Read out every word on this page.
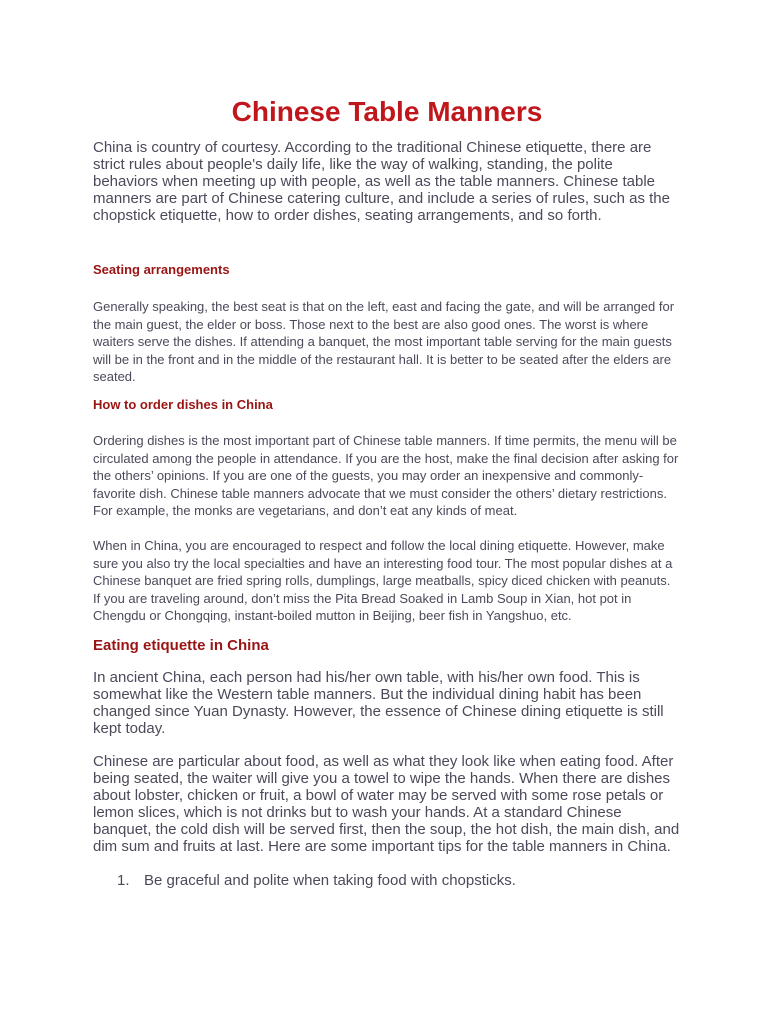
Chinese Table Manners

China is country of courtesy. According to the traditional Chinese etiquette, there are strict rules about people's daily life, like the way of walking, standing, the polite behaviors when meeting up with people, as well as the table manners. Chinese table manners are part of Chinese catering culture, and include a series of rules, such as the chopstick etiquette, how to order dishes, seating arrangements, and so forth.

Seating arrangements

Generally speaking, the best seat is that on the left, east and facing the gate, and will be arranged for the main guest, the elder or boss. Those next to the best are also good ones. The worst is where waiters serve the dishes. If attending a banquet, the most important table serving for the main guests will be in the front and in the middle of the restaurant hall. It is better to be seated after the elders are seated.

How to order dishes in China

Ordering dishes is the most important part of Chinese table manners. If time permits, the menu will be circulated among the people in attendance. If you are the host, make the final decision after asking for the others’ opinions. If you are one of the guests, you may order an inexpensive and commonly-favorite dish. Chinese table manners advocate that we must consider the others’ dietary restrictions. For example, the monks are vegetarians, and don’t eat any kinds of meat.

When in China, you are encouraged to respect and follow the local dining etiquette. However, make sure you also try the local specialties and have an interesting food tour. The most popular dishes at a Chinese banquet are fried spring rolls, dumplings, large meatballs, spicy diced chicken with peanuts. If you are traveling around, don’t miss the Pita Bread Soaked in Lamb Soup in Xian, hot pot in Chengdu or Chongqing, instant-boiled mutton in Beijing, beer fish in Yangshuo, etc.

Eating etiquette in China

In ancient China, each person had his/her own table, with his/her own food. This is somewhat like the Western table manners. But the individual dining habit has been changed since Yuan Dynasty. However, the essence of Chinese dining etiquette is still kept today.

Chinese are particular about food, as well as what they look like when eating food. After being seated, the waiter will give you a towel to wipe the hands. When there are dishes about lobster, chicken or fruit, a bowl of water may be served with some rose petals or lemon slices, which is not drinks but to wash your hands. At a standard Chinese banquet, the cold dish will be served first, then the soup, the hot dish, the main dish, and dim sum and fruits at last. Here are some important tips for the table manners in China.

1. Be graceful and polite when taking food with chopsticks.
